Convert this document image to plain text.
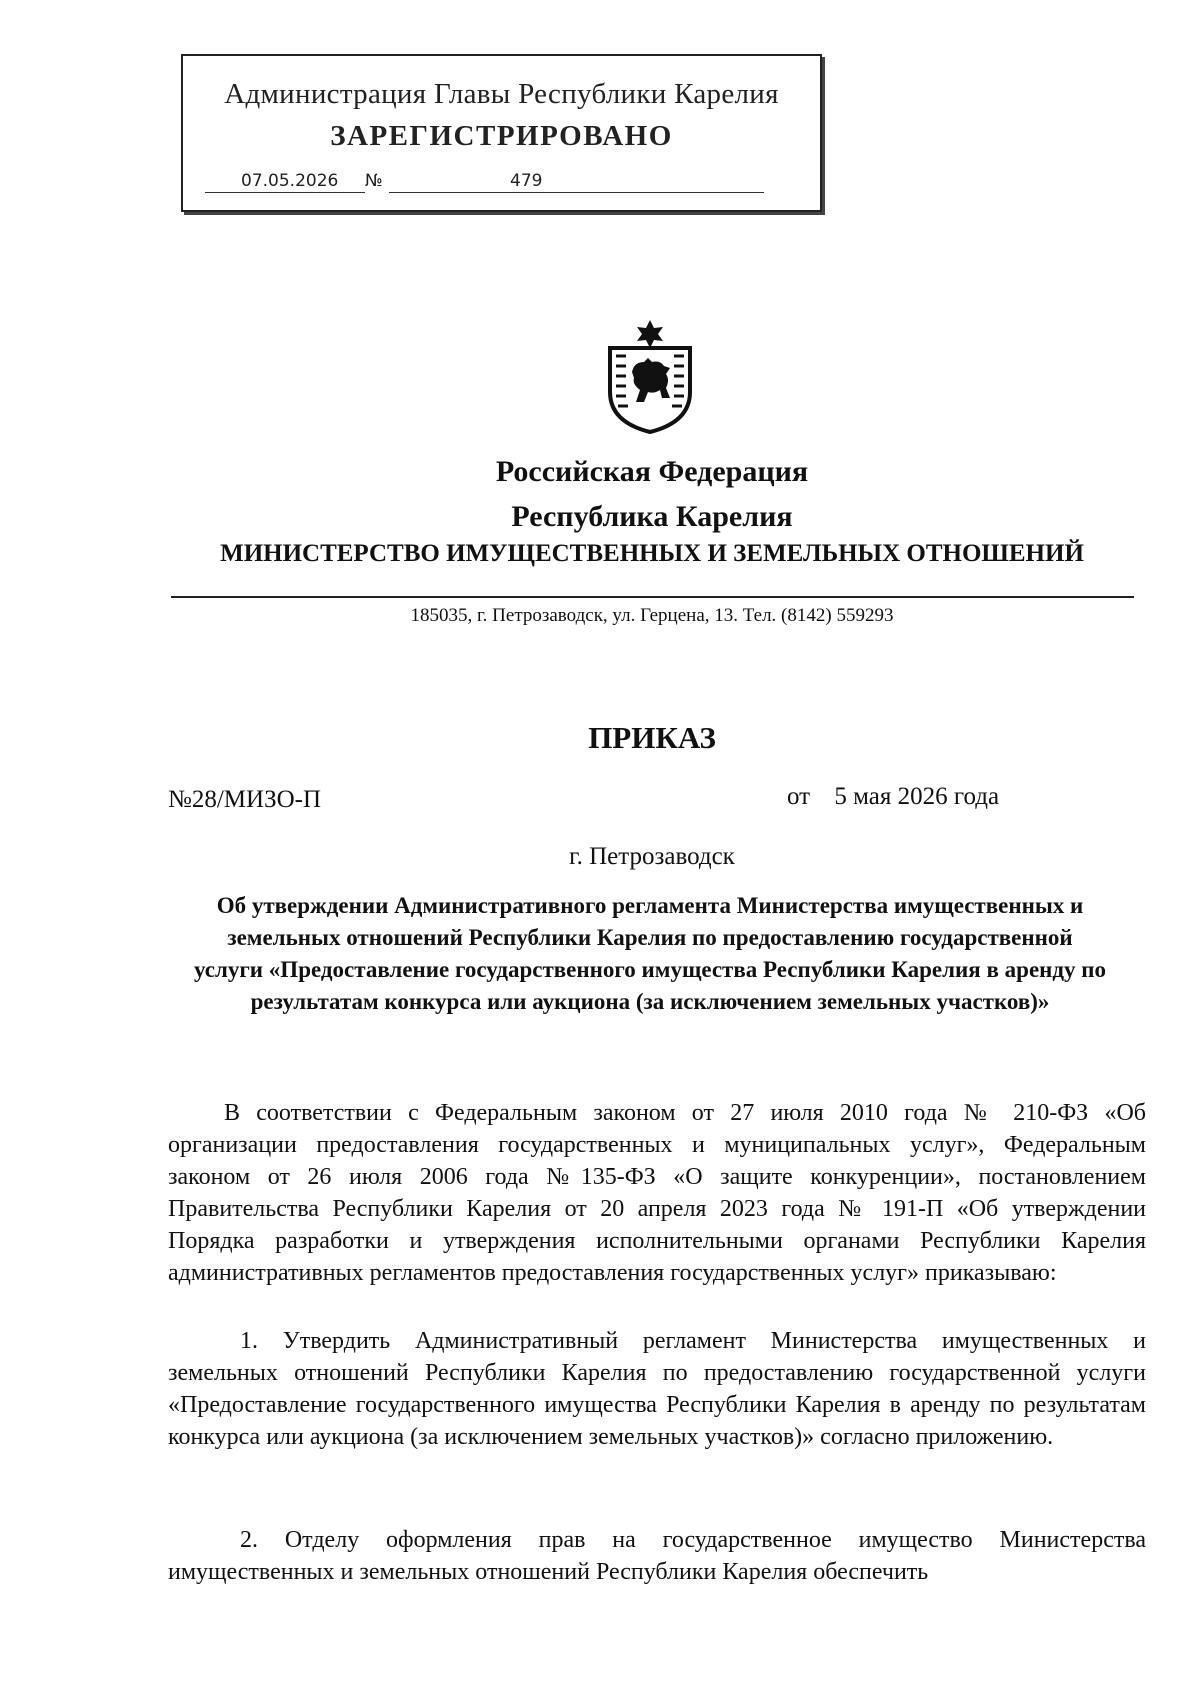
Администрация Главы Республики Карелия
ЗАРЕГИСТРИРОВАНО
07.05.2026 №	479
Российская Федерация
Республика Карелия
МИНИСТЕРСТВО ИМУЩЕСТВЕННЫХ И ЗЕМЕЛЬНЫХ ОТНОШЕНИЙ
185035, г. Петрозаводск, ул. Герцена, 13. Тел. (8142) 559293
ПРИКАЗ
№28/МИЗО-П	от 5 мая 2026 года
г. Петрозаводск
Об утверждении Административного регламента Министерства имущественных и земельных отношений Республики Карелия по предоставлению государственной услуги «Предоставление государственного имущества Республики Карелия в аренду по результатам конкурса или аукциона (за исключением земельных участков)»
В соответствии с Федеральным законом от 27 июля 2010 года № 210-ФЗ «Об организации предоставления государственных и муниципальных услуг», Федеральным законом от 26 июля 2006 года №135-ФЗ «О защите конкуренции», постановлением Правительства Республики Карелия от 20 апреля 2023 года № 191-П «Об утверждении Порядка разработки и утверждения исполнительными органами Республики Карелия административных регламентов предоставления государственных услуг» приказываю:
1. Утвердить Административный регламент Министерства имущественных и земельных отношений Республики Карелия по предоставлению государственной услуги «Предоставление государственного имущества Республики Карелия в аренду по результатам конкурса или аукциона (за исключением земельных участков)» согласно приложению.
2. Отделу оформления прав на государственное имущество Министерства имущественных и земельных отношений Республики Карелия обеспечить
